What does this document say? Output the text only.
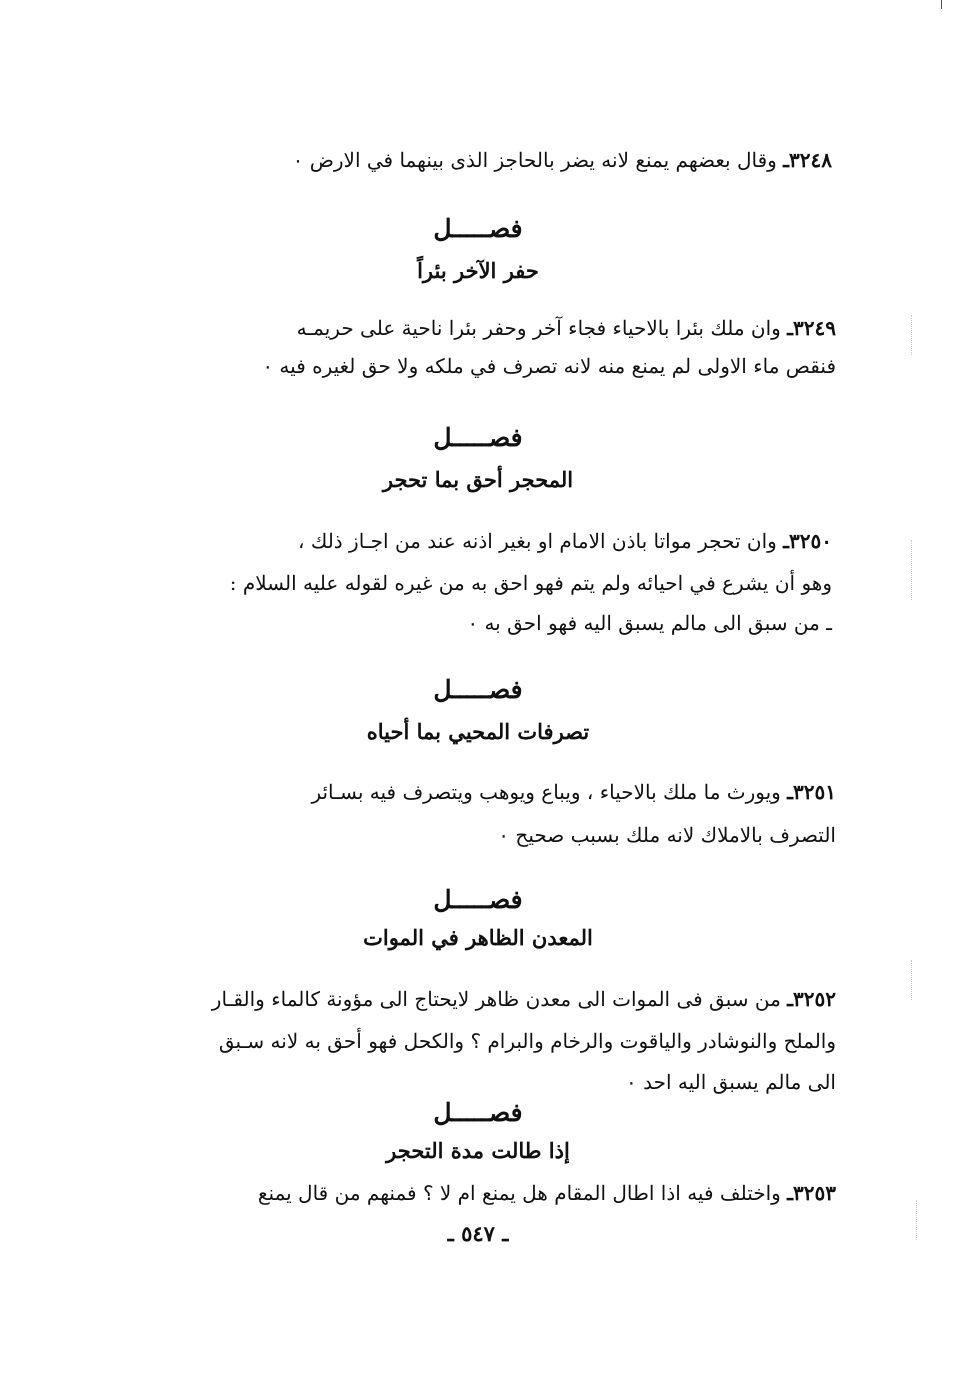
٣٢٤٨ـ وقال بعضهم يمنع لانه يضر بالحاجز الذى بينهما في الارض ٠
فصـــــل
حفر الآخر بئراً
٣٢٤٩ـ وان ملك بئرا بالاحياء فجاء آخر وحفر بئرا ناحية على حريمـه
فنقص ماء الاولى لم يمنع منه لانه تصرف في ملكه ولا حق لغيره فيه ٠
فصـــــل
المحجر أحق بما تحجر
٣٢٥٠ـ وان تحجر مواتا باذن الامام او بغير اذنه عند من اجـاز ذلك ،
وهو أن يشرع في احيائه ولم يتم فهو احق به من غيره لقوله عليه السلام :
ـ من سبق الى مالم يسبق اليه فهو احق به ٠
فصـــــل
تصرفات المحيي بما أحياه
٣٢٥١ـ ويورث ما ملك بالاحياء ، ويباع ويوهب ويتصرف فيه بسـائر
التصرف بالاملاك لانه ملك بسبب صحيح ٠
فصـــــل
المعدن الظاهر في الموات
٣٢٥٢ـ من سبق فى الموات الى معدن ظاهر لايحتاج الى مؤونة كالماء والقـار
والملح والنوشادر والياقوت والرخام والبرام ؟ والكحل فهو أحق به لانه سـبق
الى مالم يسبق اليه احد ٠
فصـــــل
إذا طالت مدة التحجر
٣٢٥٣ـ واختلف فيه اذا اطال المقام هل يمنع ام لا ؟ فمنهم من قال يمنع
ـ ٥٤٧ ـ
